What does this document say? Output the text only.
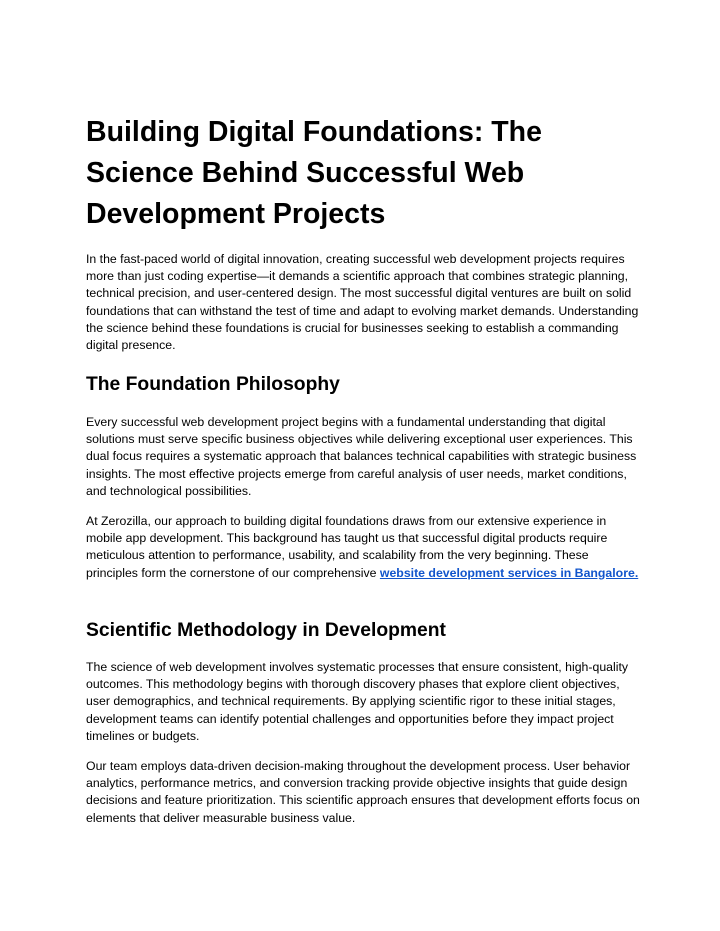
Building Digital Foundations: The Science Behind Successful Web Development Projects

In the fast-paced world of digital innovation, creating successful web development projects requires more than just coding expertise—it demands a scientific approach that combines strategic planning, technical precision, and user-centered design. The most successful digital ventures are built on solid foundations that can withstand the test of time and adapt to evolving market demands. Understanding the science behind these foundations is crucial for businesses seeking to establish a commanding digital presence.

The Foundation Philosophy

Every successful web development project begins with a fundamental understanding that digital solutions must serve specific business objectives while delivering exceptional user experiences. This dual focus requires a systematic approach that balances technical capabilities with strategic business insights. The most effective projects emerge from careful analysis of user needs, market conditions, and technological possibilities.

At Zerozilla, our approach to building digital foundations draws from our extensive experience in mobile app development. This background has taught us that successful digital products require meticulous attention to performance, usability, and scalability from the very beginning. These principles form the cornerstone of our comprehensive website development services in Bangalore.

Scientific Methodology in Development

The science of web development involves systematic processes that ensure consistent, high-quality outcomes. This methodology begins with thorough discovery phases that explore client objectives, user demographics, and technical requirements. By applying scientific rigor to these initial stages, development teams can identify potential challenges and opportunities before they impact project timelines or budgets.

Our team employs data-driven decision-making throughout the development process. User behavior analytics, performance metrics, and conversion tracking provide objective insights that guide design decisions and feature prioritization. This scientific approach ensures that development efforts focus on elements that deliver measurable business value.
